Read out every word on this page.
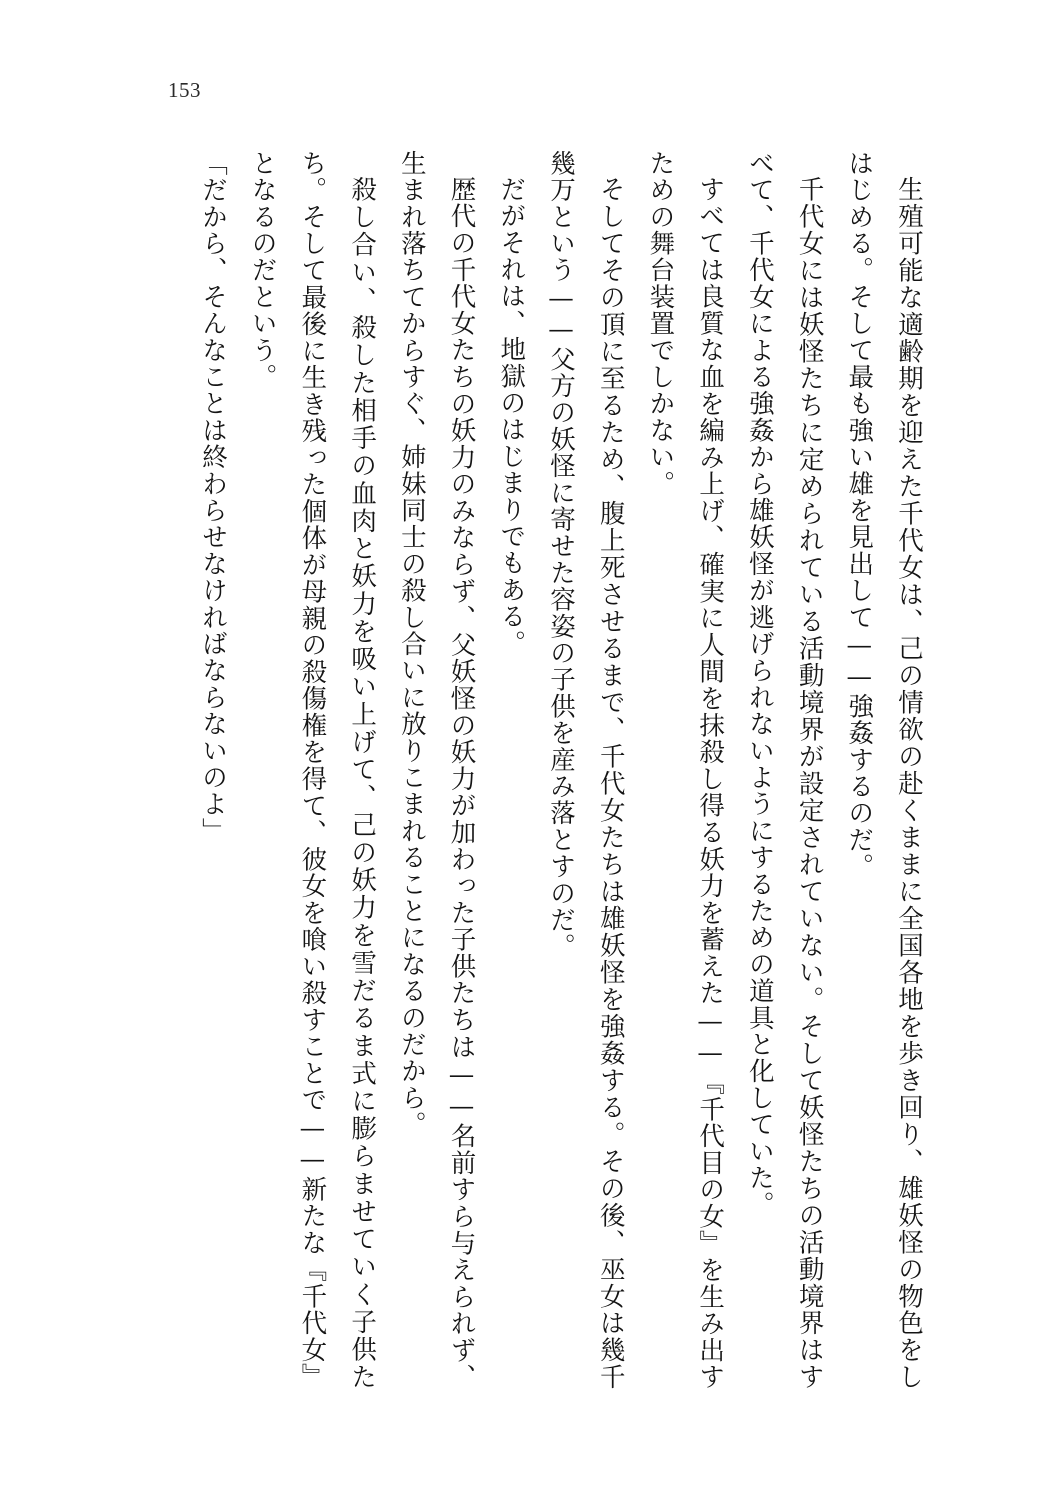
153

生殖可能な適齢期を迎えた千代女は、己の情欲の赴くままに全国各地を歩き回り、雄妖怪の物色をしはじめる。そして最も強い雄を見出して——強姦するのだ。

千代女には妖怪たちに定められている活動境界が設定されていない。そして妖怪たちの活動境界はすべて、千代女による強姦から雄妖怪が逃げられないようにするための道具と化していた。

すべては良質な血を編み上げ、確実に人間を抹殺し得る妖力を蓄えた——『千代目の女』を生み出すための舞台装置でしかない。

そしてその頂に至るため、腹上死させるまで、千代女たちは雄妖怪を強姦する。その後、巫女は幾千幾万という——父方の妖怪に寄せた容姿の子供を産み落とすのだ。

だがそれは、地獄のはじまりでもある。

歴代の千代女たちの妖力のみならず、父妖怪の妖力が加わった子供たちは——名前すら与えられず、生まれ落ちてからすぐ、姉妹同士の殺し合いに放りこまれることになるのだから。

殺し合い、殺した相手の血肉と妖力を吸い上げて、己の妖力を雪だるま式に膨らませていく子供たち。そして最後に生き残った個体が母親の殺傷権を得て、彼女を喰い殺すことで——新たな『千代女』となるのだという。

「だから、そんなことは終わらせなければならないのよ」
